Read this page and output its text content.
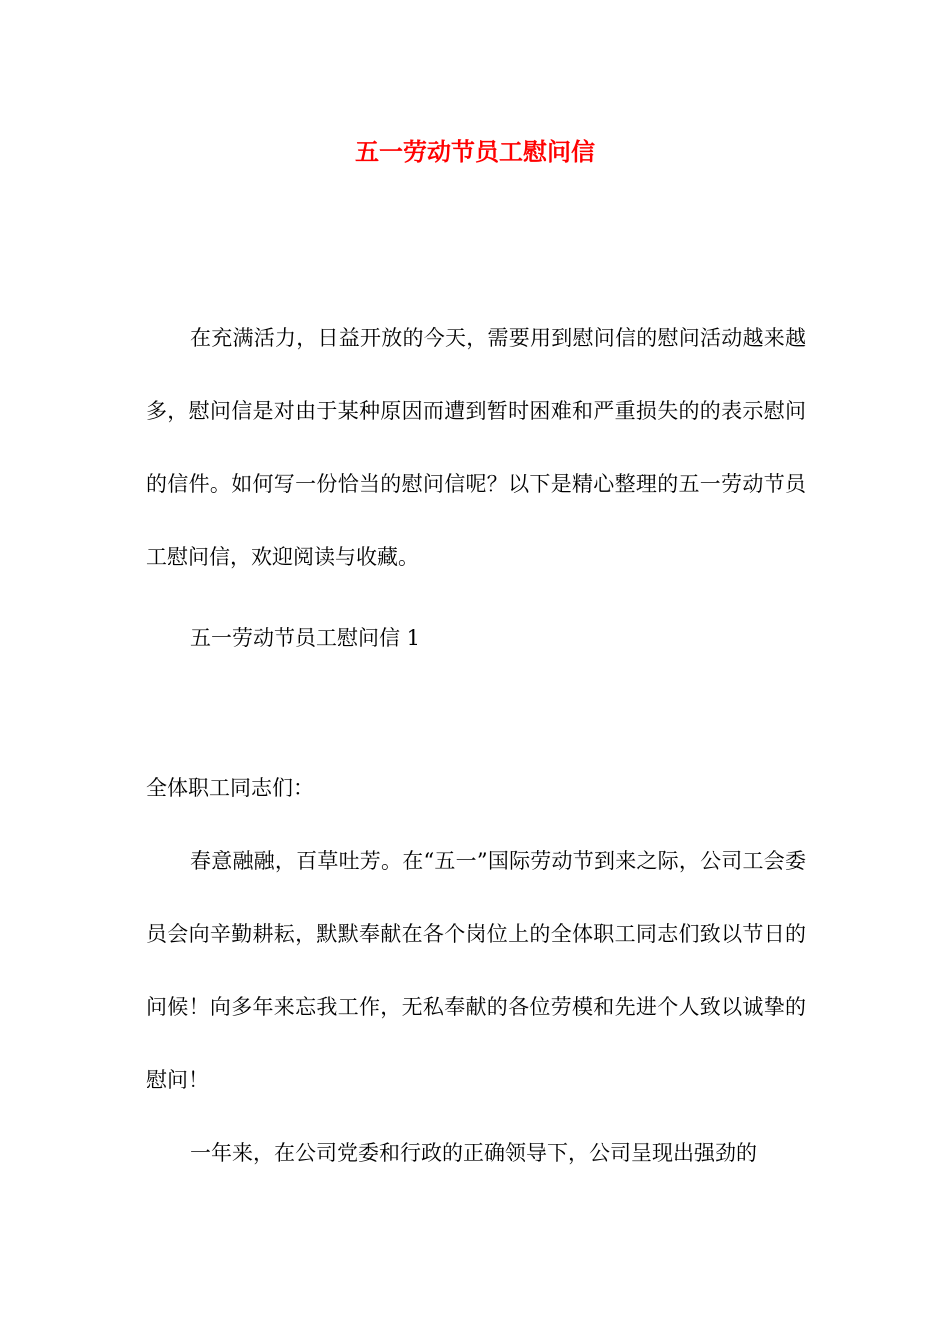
五一劳动节员工慰问信

在充满活力，日益开放的今天，需要用到慰问信的慰问活动越来越多，慰问信是对由于某种原因而遭到暂时困难和严重损失的的表示慰问的信件。如何写一份恰当的慰问信呢？以下是精心整理的五一劳动节员工慰问信，欢迎阅读与收藏。

五一劳动节员工慰问信 1

全体职工同志们：

春意融融，百草吐芳。在“五一”国际劳动节到来之际，公司工会委员会向辛勤耕耘，默默奉献在各个岗位上的全体职工同志们致以节日的问候！向多年来忘我工作，无私奉献的各位劳模和先进个人致以诚挚的慰问！

一年来，在公司党委和行政的正确领导下，公司呈现出强劲的
